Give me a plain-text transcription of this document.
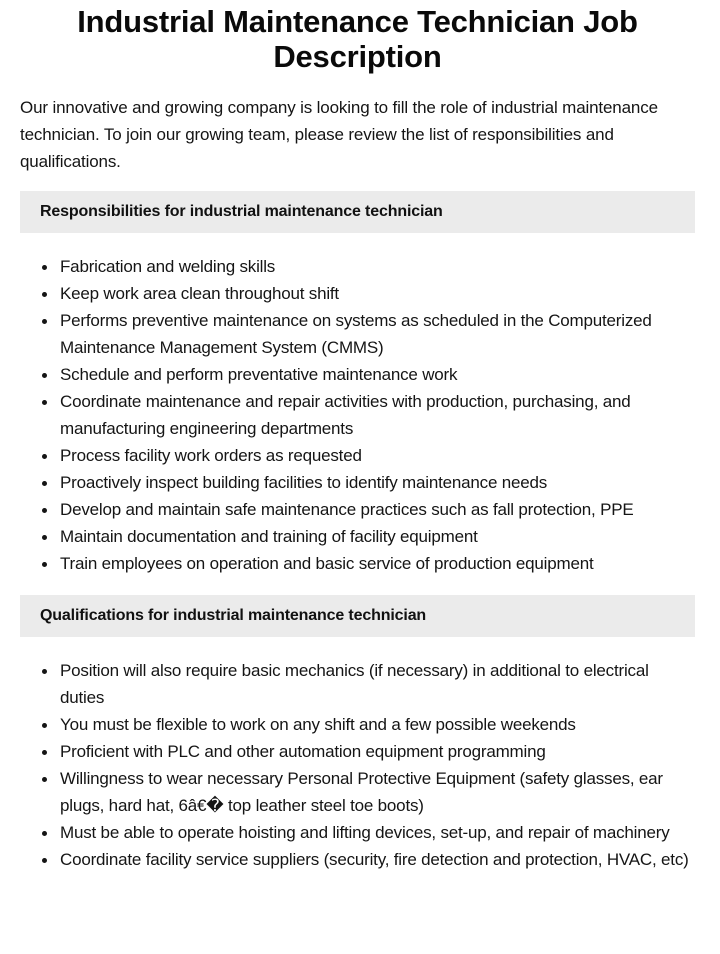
Industrial Maintenance Technician Job Description

Our innovative and growing company is looking to fill the role of industrial maintenance technician. To join our growing team, please review the list of responsibilities and qualifications.

Responsibilities for industrial maintenance technician
Fabrication and welding skills
Keep work area clean throughout shift
Performs preventive maintenance on systems as scheduled in the Computerized Maintenance Management System (CMMS)
Schedule and perform preventative maintenance work
Coordinate maintenance and repair activities with production, purchasing, and manufacturing engineering departments
Process facility work orders as requested
Proactively inspect building facilities to identify maintenance needs
Develop and maintain safe maintenance practices such as fall protection, PPE
Maintain documentation and training of facility equipment
Train employees on operation and basic service of production equipment
Qualifications for industrial maintenance technician
Position will also require basic mechanics (if necessary) in additional to electrical duties
You must be flexible to work on any shift and a few possible weekends
Proficient with PLC and other automation equipment programming
Willingness to wear necessary Personal Protective Equipment (safety glasses, ear plugs, hard hat, 6â€� top leather steel toe boots)
Must be able to operate hoisting and lifting devices, set-up, and repair of machinery
Coordinate facility service suppliers (security, fire detection and protection, HVAC, etc)
